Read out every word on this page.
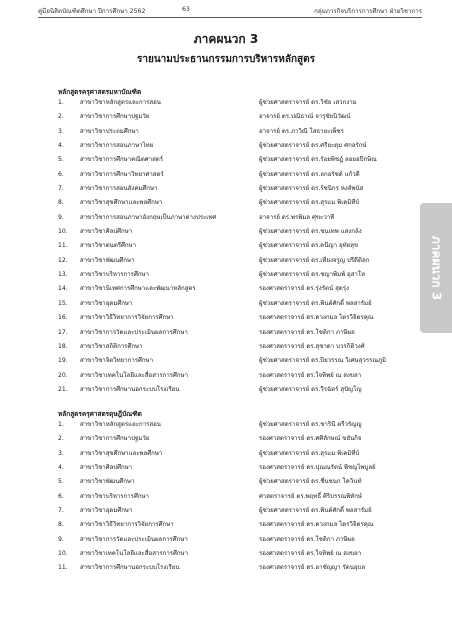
คู่มือนิสิตบัณฑิตศึกษา ปีการศึกษา 2562	63	กลุ่มภารกิจบริการการศึกษา ฝ่ายวิชาการ
ภาคผนวก 3
รายนามประธานกรรมการบริหารหลักสูตร
หลักสูตรครุศาสตรมหาบัณฑิต
1.	สาขาวิชาหลักสูตรและการสอน	ผู้ช่วยศาสตราจารย์ ดร.วิชัย เสวกงาม
2.	สาขาวิชาการศึกษาปฐมวัย	อาจารย์ ดร.ปณิธาณ์ จารุชัยนิวัฒน์
3.	สาขาวิชาประถมศึกษา	อาจารย์ ดร.ภาวิณี โสธายะเพ็ชร
4.	สาขาวิชาการสอนภาษาไทย	ผู้ช่วยศาสตราจารย์ ดร.ศรียะดุม ศกลรักษ์
5.	สาขาวิชาการศึกษาคณิตศาสตร์	ผู้ช่วยศาสตราจารย์ ดร.ร้อยพิชฎ์ ลอยอปีกษิณ
6.	สาขาวิชาการศึกษาวิทยาศาสตร์	ผู้ช่วยศาสตราจารย์ ดร.ลกอรัชด์ แก้วดี
7.	สาขาวิชาการสอนสังคมศึกษา	ผู้ช่วยศาสตราจารย์ ดร.ร้ชนิกร หงส์พนัส
8.	สาขาวิชาสุขศึกษาและพลศึกษา	ผู้ช่วยศาสตราจารย์ ดร.สุรแม พิเคมิที่บ์
9.	สาขาวิชาการสอนภาษาอังกฤษเป็นภาษาต่างประเทศ	อาจารย์ ดร.พรพิมล ศุขะวาที
10. สาขาวิชาศิลปศึกษา	ผู้ช่วยศาสตราจารย์ ดร.ชนเทพ แสงกล้ง
11. สาขาวิชาดนตรีศึกษา	ผู้ช่วยศาสตราจารย์ ดร.ดนีญา อุทัยสุข
12. สาขาวิชาพัฒนศึกษา	ผู้ช่วยศาสตราจารย์ ดร.เที่ยงจรูญ ปรีดีติลก
13. สาขาวิชาบริหารการศึกษา	ผู้ช่วยศาสตราจารย์ ดร.ชญาพิมพ์ อุสาโห
14. สาขาวิชานิเทศการศึกษาและพัฒนาหลักสูตร	รองศาสตราจารย์ ดร.รุ่งรัตน์ สุดรุ่ง
15. สาขาวิชาอุดมศึกษา	ผู้ช่วยศาสตราจารย์ ดร.พินต์ศักดิ์ พลสารัมย์
16. สาขาวิชาวิธีวิทยาการวิจัยการศึกษา	รองศาสตราจารย์ ดร.ดวงกมล ไตรวิจิตรคุณ
17. สาขาวิชาการวัดและประเมินผลการศึกษา	รองศาสตราจารย์ ดร.โชติกา ภาษีผล
18. สาขาวิชาสถิติการศึกษา	รองศาสตราจารย์ ดร.สุชาดา บวรกิติวงศ์
19. สาขาวิชาจิตวิทยาการศึกษา	ผู้ช่วยศาสตราจารย์ ดร.ปิยวรรณ วิเศษสุวรรณภูมิ
20. สาขาวิชาเทคโนโลยีและสื่อสารการศึกษา	รองศาสตราจารย์ ดร.ใจทิพย์ ณ สงขลา
21. สาขาวิชาการศึกษานอกระบบโรงเรียน	ผู้ช่วยศาสตราจารย์ ดร.วีรฉัตร์ สุปัญโญ
หลักสูตรครุศาสตรดุษฎีบัณฑิต
1.	สาขาวิชาหลักสูตรและการสอน	ผู้ช่วยศาสตราจารย์ ดร.ชารินี ตรีวรัญญู
2.	สาขาวิชาการศึกษาปฐมวัย	รองศาสตราจารย์ ดร.ศศิลักษณ์ ขยันกิจ
3.	สาขาวิชาสุขศึกษาและพลศึกษา	ผู้ช่วยศาสตราจารย์ ดร.สุรแม พิเคมิที่บ์
4.	สาขาวิชาศิลปศึกษา	รองศาสตราจารย์ ดร.ปุณณรัตน์ พิชญไพบูลย์
5.	สาขาวิชาพัฒนศึกษา	ผู้ช่วยศาสตราจารย์ ดร.ชื่นชนก โควินท์
6.	สาขาวิชาบริหารการศึกษา	ศาสตราจารย์ ดร.พฤทธิ์ ศิริบรรณพิทักษ์
7.	สาขาวิชาอุดมศึกษา	ผู้ช่วยศาสตราจารย์ ดร.พินต์ศักดิ์ พลสารัมย์
8.	สาขาวิชาวิธีวิทยาการวิจัยการศึกษา	รองศาสตราจารย์ ดร.ดวงกมล ไตรวิจิตรคุณ
9.	สาขาวิชาการวัดและประเมินผลการศึกษา	รองศาสตราจารย์ ดร.โชติกา ภาษีผล
10. สาขาวิชาเทคโนโลยีและสื่อสารการศึกษา	รองศาสตราจารย์ ดร.ใจทิพย์ ณ สงขลา
11. สาขาวิชาการศึกษานอกระบบโรงเรียน	รองศาสตราจารย์ ดร.อาชัญญา รัตนอุบล
ภาคผนวก 3
